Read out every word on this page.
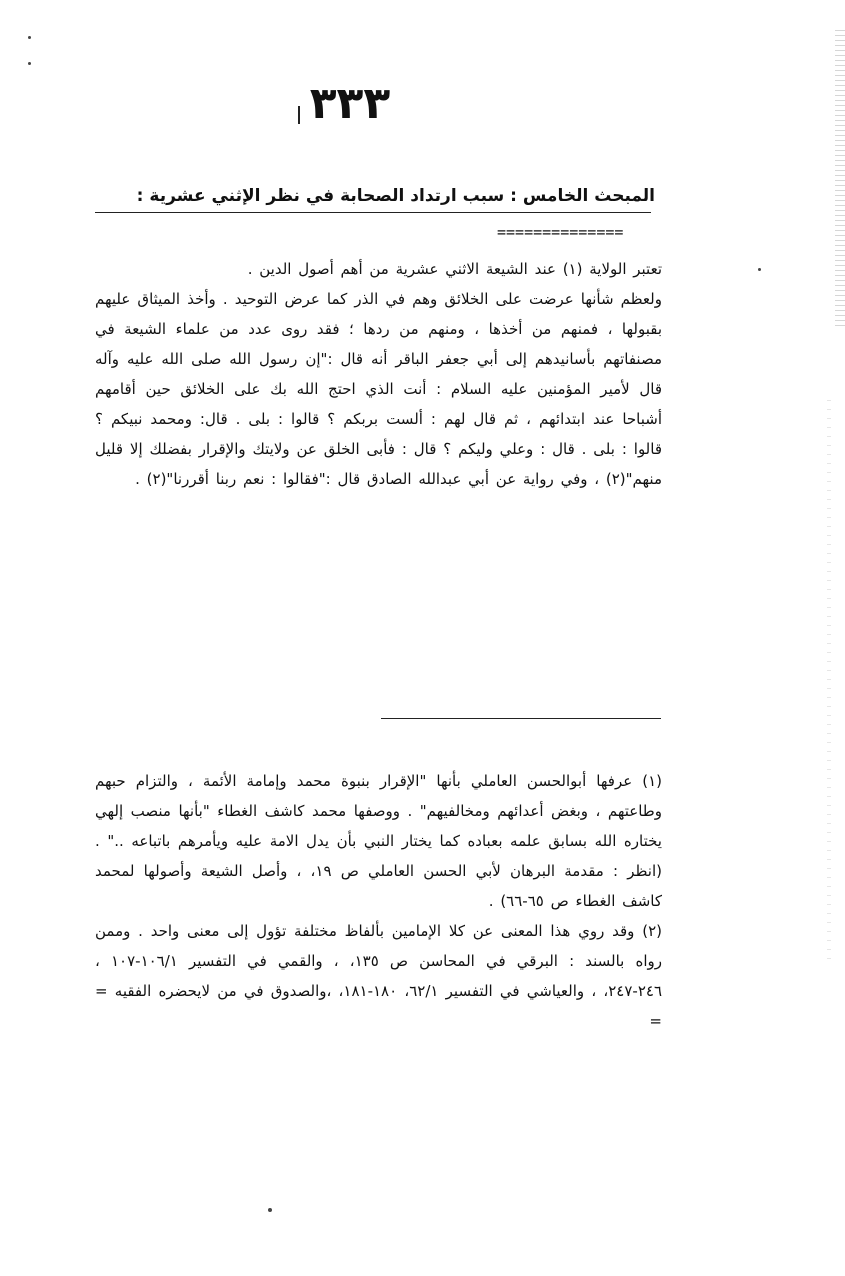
٣٣٣
المبحث الخامس : سبب ارتداد الصحابة في نظر الإثني عشرية :
==============

تعتبر الولاية (١) عند الشيعة الاثني عشرية من أهم أصول الدين .

ولعظم شأنها عرضت على الخلائق وهم في الذر كما عرض التوحيد . وأخذ الميثاق عليهم بقبولها ، فمنهم من أخذها ، ومنهم من ردها ؛ فقد روى عدد من علماء الشيعة في مصنفاتهم بأسانيدهم إلى أبي جعفر الباقر أنه قال :"إن رسول الله صلى الله عليه وآله قال لأمير المؤمنين عليه السلام : أنت الذي احتج الله بك على الخلائق حين أقامهم أشباحا عند ابتدائهم ، ثم قال لهم : ألست بربكم ؟ قالوا : بلى . قال: ومحمد نبيكم ؟ قالوا : بلى . قال : وعلي وليكم ؟ قال : فأبى الخلق عن ولايتك والإقرار بفضلك إلا قليل منهم"(٢) ، وفي رواية عن أبي عبدالله الصادق قال :"فقالوا : نعم ربنا أقررنا"(٢) .

(١) عرفها أبوالحسن العاملي بأنها "الإقرار بنبوة محمد وإمامة الأئمة ، والتزام حبهم وطاعتهم ، وبغض أعدائهم ومخالفيهم" . ووصفها محمد كاشف الغطاء "بأنها منصب إلهي يختاره الله بسابق علمه بعباده كما يختار النبي بأن يدل الامة عليه ويأمرهم باتباعه .." . (انظر : مقدمة البرهان لأبي الحسن العاملي ص ١٩، ، وأصل الشيعة وأصولها لمحمد كاشف الغطاء ص ٦٥-٦٦) .

(٢) وقد روي هذا المعنى عن كلا الإمامين بألفاظ مختلفة تؤول إلى معنى واحد . وممن رواه بالسند : البرقي في المحاسن ص ١٣٥، ، والقمي في التفسير ١٠٦/١-١٠٧ ، ٢٤٦-٢٤٧، ، والعياشي في التفسير ٦٢/١، ١٨٠-١٨١، ،والصدوق في من لايحضره الفقيه = =
